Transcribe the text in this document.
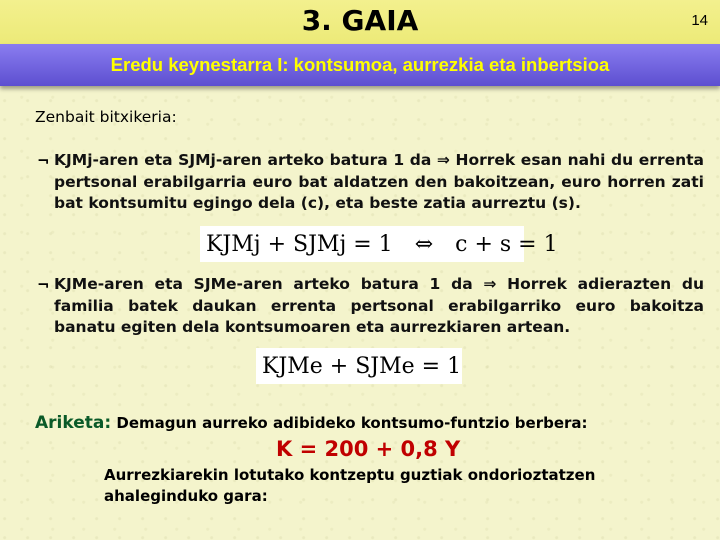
3. GAIA	14
Eredu keynestarra I: kontsumoa, aurrezkia eta inbertsioa
Zenbait bitxikeria:
¬ KJMj-aren eta SJMj-aren arteko batura 1 da ⇒ Horrek esan nahi du errenta pertsonal erabilgarria euro bat aldatzen den bakoitzean, euro horren zati bat kontsumitu egingo dela (c), eta beste zatia aurreztu (s).
KJMj + SJMj = 1 ⇔ c + s = 1
¬ KJMe-aren eta SJMe-aren arteko batura 1 da ⇒ Horrek adierazten du familia batek daukan errenta pertsonal erabilgarriko euro bakoitza banatu egiten dela kontsumoaren eta aurrezkiaren artean.
KJMe + SJMe = 1
Ariketa: Demagun aurreko adibideko kontsumo-funtzio berbera:
K = 200 + 0,8 Y
Aurrezkiarekin lotutako kontzeptu guztiak ondorioztatzen ahaleginduko gara:
